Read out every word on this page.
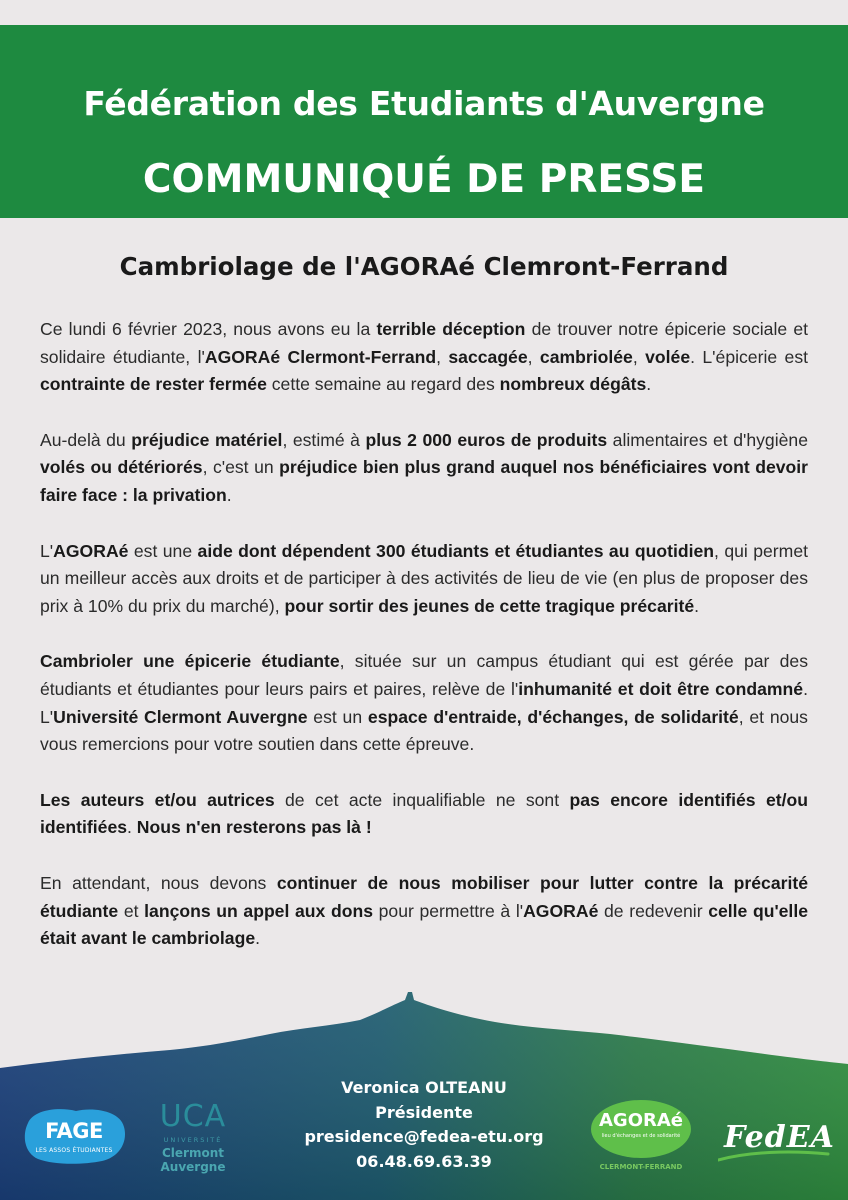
Fédération des Etudiants d'Auvergne
COMMUNIQUÉ DE PRESSE
Cambriolage de l'AGORAé Clemront-Ferrand

Ce lundi 6 février 2023, nous avons eu la terrible déception de trouver notre épicerie sociale et solidaire étudiante, l'AGORAé Clermont-Ferrand, saccagée, cambriolée, volée. L'épicerie est contrainte de rester fermée cette semaine au regard des nombreux dégâts.

Au-delà du préjudice matériel, estimé à plus 2 000 euros de produits alimentaires et d'hygiène volés ou détériorés, c'est un préjudice bien plus grand auquel nos bénéficiaires vont devoir faire face : la privation.

L'AGORAé est une aide dont dépendent 300 étudiants et étudiantes au quotidien, qui permet un meilleur accès aux droits et de participer à des activités de lieu de vie (en plus de proposer des prix à 10% du prix du marché), pour sortir des jeunes de cette tragique précarité.

Cambrioler une épicerie étudiante, située sur un campus étudiant qui est gérée par des étudiants et étudiantes pour leurs pairs et paires, relève de l'inhumanité et doit être condamné. L'Université Clermont Auvergne est un espace d'entraide, d'échanges, de solidarité, et nous vous remercions pour votre soutien dans cette épreuve.

Les auteurs et/ou autrices de cet acte inqualifiable ne sont pas encore identifiés et/ou identifiées. Nous n'en resterons pas là !

En attendant, nous devons continuer de nous mobiliser pour lutter contre la précarité étudiante et lançons un appel aux dons pour permettre à l'AGORAé de redevenir celle qu'elle était avant le cambriolage.

Veronica OLTEANU
Présidente
presidence@fedea-etu.org
06.48.69.63.39
FAGE
LES ASSOS ÉTUDIANTES
UCA
UNIVERSITÉ
Clermont
Auvergne
AGORAé
lieu d'échanges et de solidarité
CLERMONT-FERRAND
FedEA
